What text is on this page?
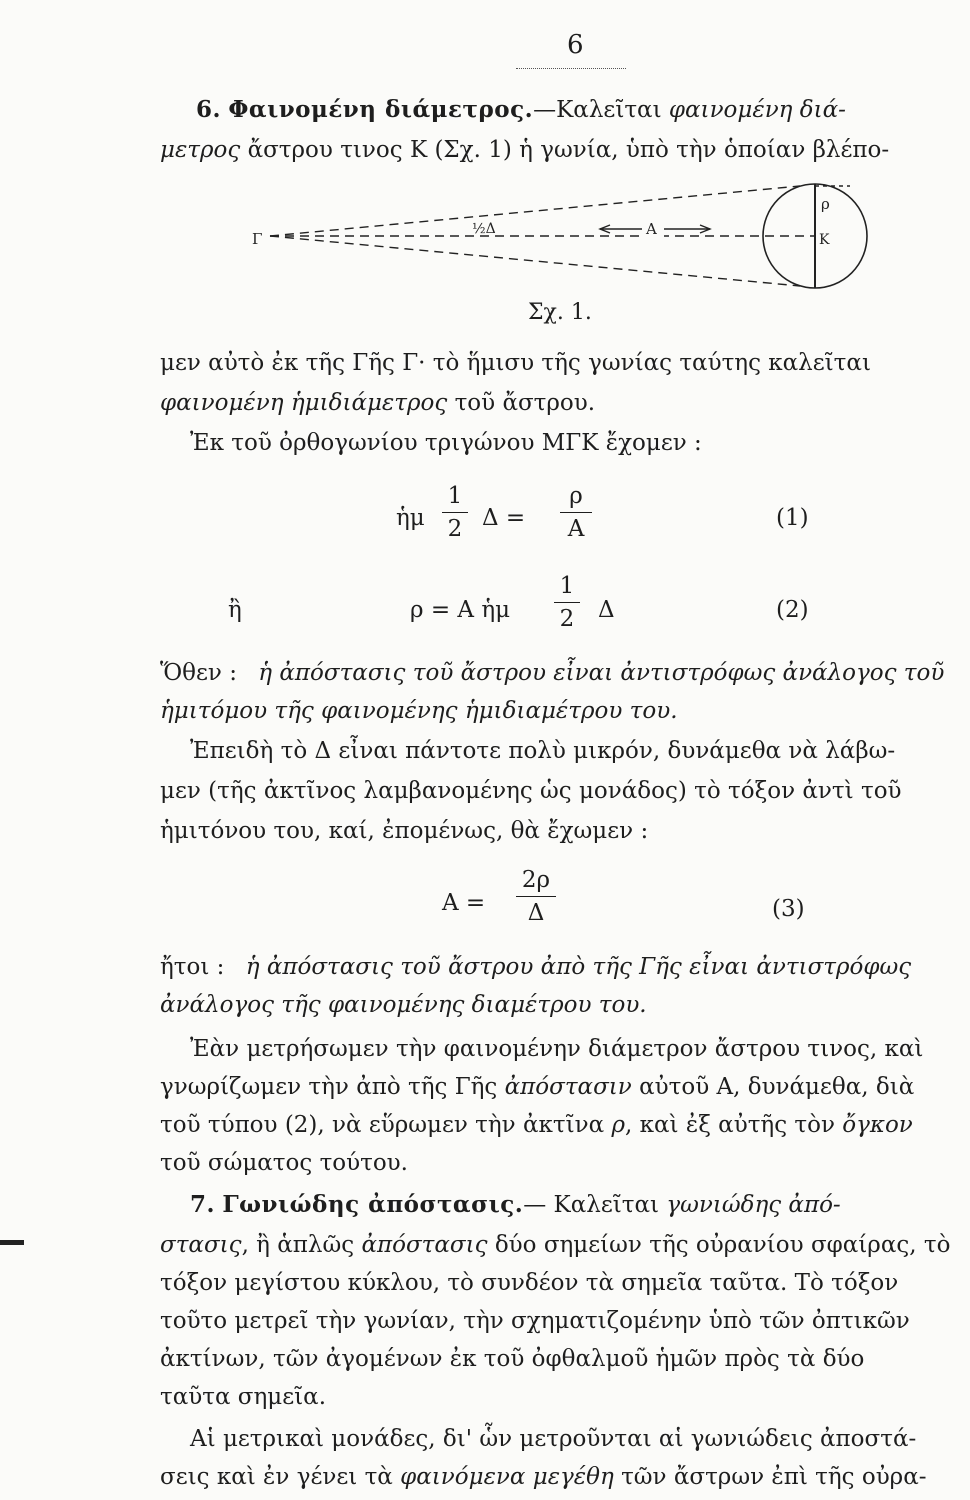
6
6. Φαινομένη διάμετρος.—Καλεῖται φαινομένη διά-
μετρος ἄστρου τινος K (Σχ. 1) ἡ γωνία, ὑπὸ τὴν ὁποίαν βλέπο-
Γ
½Δ	A
ρ
K
Σχ. 1.
μεν αὐτὸ ἐκ τῆς Γῆς Γ· τὸ ἥμισυ τῆς γωνίας ταύτης καλεῖται
φαινομένη ἡμιδιάμετρος τοῦ ἄστρου.
Ἐκ τοῦ ὀρθογωνίου τριγώνου ΜΓΚ ἔχομεν :
ἡμ
1
2 Δ =
ρ
A	(1)
ἢ	ρ = A ἡμ
1
2 Δ	(2)
Ὅθεν : ἡ ἀπόστασις τοῦ ἄστρου εἶναι ἀντιστρόφως ἀνάλογος τοῦ
ἡμιτόμου τῆς φαινομένης ἡμιδιαμέτρου του.
Ἐπειδὴ τὸ Δ εἶναι πάντοτε πολὺ μικρόν, δυνάμεθα νὰ λάβω-
μεν (τῆς ἀκτῖνος λαμβανομένης ὡς μονάδος) τὸ τόξον ἀντὶ τοῦ
ἡμιτόνου του, καί, ἐπομένως, θὰ ἔχωμεν :
A =
2ρ
Δ	(3)
ἤτοι : ἡ ἀπόστασις τοῦ ἄστρου ἀπὸ τῆς Γῆς εἶναι ἀντιστρόφως
ἀνάλογος τῆς φαινομένης διαμέτρου του.
Ἐὰν μετρήσωμεν τὴν φαινομένην διάμετρον ἄστρου τινος, καὶ
γνωρίζωμεν τὴν ἀπὸ τῆς Γῆς ἀπόστασιν αὐτοῦ A, δυνάμεθα, διὰ
τοῦ τύπου (2), νὰ εὕρωμεν τὴν ἀκτῖνα ρ, καὶ ἐξ αὐτῆς τὸν ὄγκον
τοῦ σώματος τούτου.
7. Γωνιώδης ἀπόστασις.— Καλεῖται γωνιώδης ἀπό-
στασις, ἢ ἁπλῶς ἀπόστασις δύο σημείων τῆς οὐρανίου σφαίρας, τὸ
τόξον μεγίστου κύκλου, τὸ συνδέον τὰ σημεῖα ταῦτα. Τὸ τόξον
τοῦτο μετρεῖ τὴν γωνίαν, τὴν σχηματιζομένην ὑπὸ τῶν ὀπτικῶν
ἀκτίνων, τῶν ἀγομένων ἐκ τοῦ ὀφθαλμοῦ ἡμῶν πρὸς τὰ δύο
ταῦτα σημεῖα.
Αἱ μετρικαὶ μονάδες, δι' ὧν μετροῦνται αἱ γωνιώδεις ἀποστά-
σεις καὶ ἐν γένει τὰ φαινόμενα μεγέθη τῶν ἄστρων ἐπὶ τῆς οὐρα-
